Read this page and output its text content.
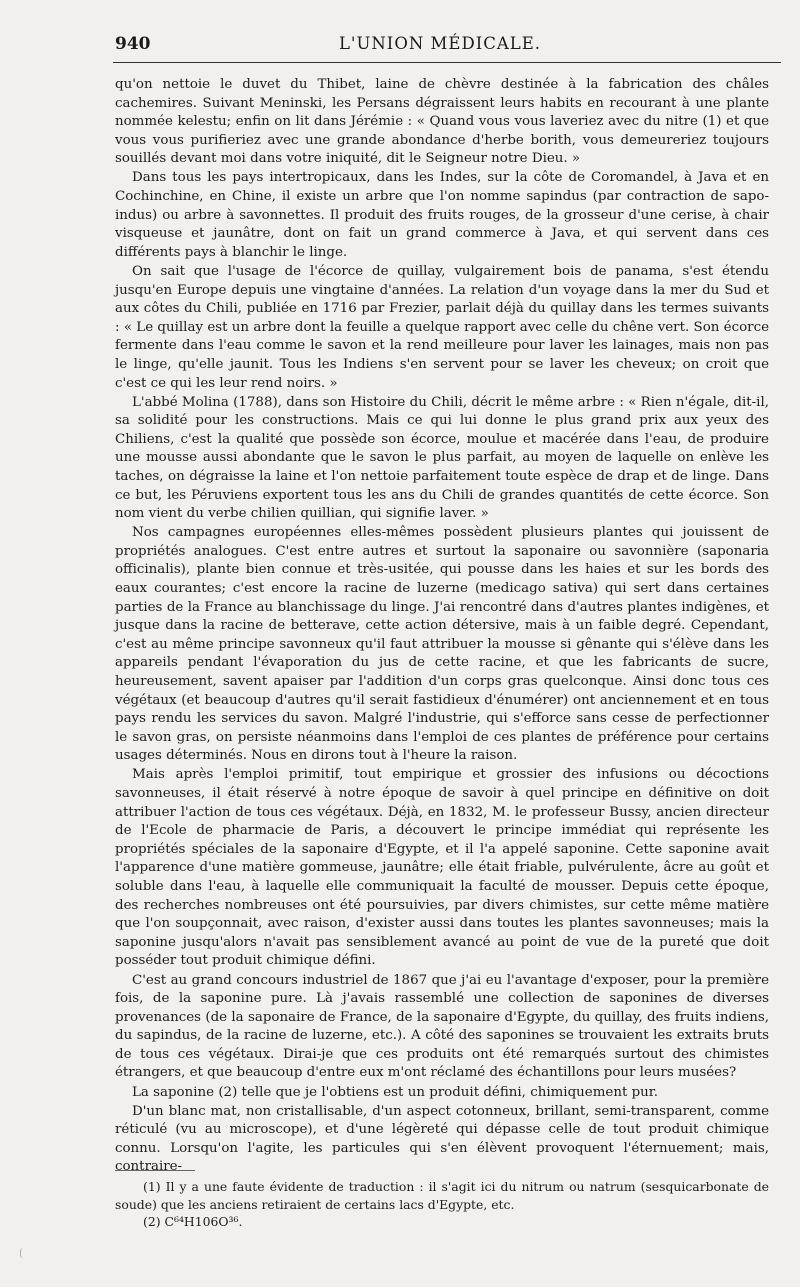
940	L'UNION MÉDICALE.

qu'on nettoie le duvet du Thibet, laine de chèvre destinée à la fabrication des châles cachemires. Suivant Meninski, les Persans dégraissent leurs habits en recourant à une plante nommée kelestu; enfin on lit dans Jérémie : « Quand vous vous laveriez avec du nitre (1) et que vous vous purifieriez avec une grande abondance d'herbe borith, vous demeureriez toujours souillés devant moi dans votre iniquité, dit le Seigneur notre Dieu. »

Dans tous les pays intertropicaux, dans les Indes, sur la côte de Coromandel, à Java et en Cochinchine, en Chine, il existe un arbre que l'on nomme sapindus (par contraction de sapo-indus) ou arbre à savonnettes. Il produit des fruits rouges, de la grosseur d'une cerise, à chair visqueuse et jaunâtre, dont on fait un grand commerce à Java, et qui servent dans ces différents pays à blanchir le linge.

On sait que l'usage de l'écorce de quillay, vulgairement bois de panama, s'est étendu jusqu'en Europe depuis une vingtaine d'années. La relation d'un voyage dans la mer du Sud et aux côtes du Chili, publiée en 1716 par Frezier, parlait déjà du quillay dans les termes suivants : « Le quillay est un arbre dont la feuille a quelque rapport avec celle du chêne vert. Son écorce fermente dans l'eau comme le savon et la rend meilleure pour laver les lainages, mais non pas le linge, qu'elle jaunit. Tous les Indiens s'en servent pour se laver les cheveux; on croit que c'est ce qui les leur rend noirs. »

L'abbé Molina (1788), dans son Histoire du Chili, décrit le même arbre : « Rien n'égale, dit-il, sa solidité pour les constructions. Mais ce qui lui donne le plus grand prix aux yeux des Chiliens, c'est la qualité que possède son écorce, moulue et macérée dans l'eau, de produire une mousse aussi abondante que le savon le plus parfait, au moyen de laquelle on enlève les taches, on dégraisse la laine et l'on nettoie parfaitement toute espèce de drap et de linge. Dans ce but, les Péruviens exportent tous les ans du Chili de grandes quantités de cette écorce. Son nom vient du verbe chilien quillian, qui signifie laver. »

Nos campagnes européennes elles-mêmes possèdent plusieurs plantes qui jouissent de propriétés analogues. C'est entre autres et surtout la saponaire ou savonnière (saponaria officinalis), plante bien connue et très-usitée, qui pousse dans les haies et sur les bords des eaux courantes; c'est encore la racine de luzerne (medicago sativa) qui sert dans certaines parties de la France au blanchissage du linge. J'ai rencontré dans d'autres plantes indigènes, et jusque dans la racine de betterave, cette action détersive, mais à un faible degré. Cependant, c'est au même principe savonneux qu'il faut attribuer la mousse si gênante qui s'élève dans les appareils pendant l'évaporation du jus de cette racine, et que les fabricants de sucre, heureusement, savent apaiser par l'addition d'un corps gras quelconque. Ainsi donc tous ces végétaux (et beaucoup d'autres qu'il serait fastidieux d'énumérer) ont anciennement et en tous pays rendu les services du savon. Malgré l'industrie, qui s'efforce sans cesse de perfectionner le savon gras, on persiste néanmoins dans l'emploi de ces plantes de préférence pour certains usages déterminés. Nous en dirons tout à l'heure la raison.

Mais après l'emploi primitif, tout empirique et grossier des infusions ou décoctions savonneuses, il était réservé à notre époque de savoir à quel principe en définitive on doit attribuer l'action de tous ces végétaux. Déjà, en 1832, M. le professeur Bussy, ancien directeur de l'Ecole de pharmacie de Paris, a découvert le principe immédiat qui représente les propriétés spéciales de la saponaire d'Egypte, et il l'a appelé saponine. Cette saponine avait l'apparence d'une matière gommeuse, jaunâtre; elle était friable, pulvérulente, âcre au goût et soluble dans l'eau, à laquelle elle communiquait la faculté de mousser. Depuis cette époque, des recherches nombreuses ont été poursuivies, par divers chimistes, sur cette même matière que l'on soupçonnait, avec raison, d'exister aussi dans toutes les plantes savonneuses; mais la saponine jusqu'alors n'avait pas sensiblement avancé au point de vue de la pureté que doit posséder tout produit chimique défini.

C'est au grand concours industriel de 1867 que j'ai eu l'avantage d'exposer, pour la première fois, de la saponine pure. Là j'avais rassemblé une collection de saponines de diverses provenances (de la saponaire de France, de la saponaire d'Egypte, du quillay, des fruits indiens, du sapindus, de la racine de luzerne, etc.). A côté des saponines se trouvaient les extraits bruts de tous ces végétaux. Dirai-je que ces produits ont été remarqués surtout des chimistes étrangers, et que beaucoup d'entre eux m'ont réclamé des échantillons pour leurs musées?

La saponine (2) telle que je l'obtiens est un produit défini, chimiquement pur.

D'un blanc mat, non cristallisable, d'un aspect cotonneux, brillant, semi-transparent, comme réticulé (vu au microscope), et d'une légèreté qui dépasse celle de tout produit chimique connu. Lorsqu'on l'agite, les particules qui s'en élèvent provoquent l'éternuement; mais, contraire-

(1) Il y a une faute évidente de traduction : il s'agit ici du nitrum ou natrum (sesquicarbonate de soude) que les anciens retiraient de certains lacs d'Egypte, etc.

(2) C⁶⁴H106O³⁶.
